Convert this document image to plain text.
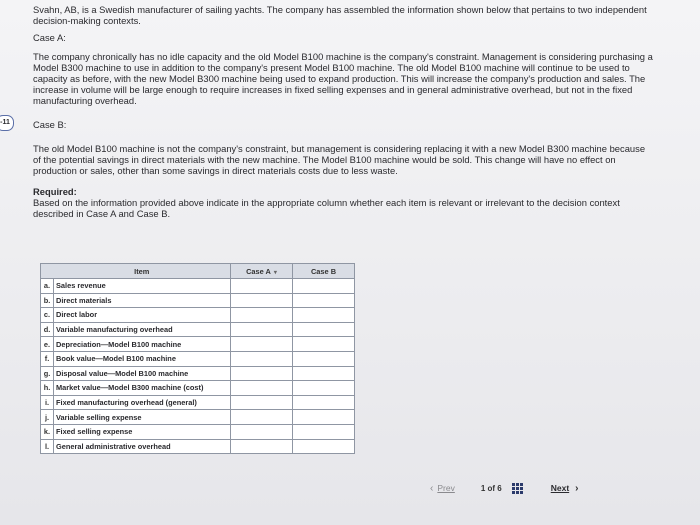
-11

Svahn, AB, is a Swedish manufacturer of sailing yachts. The company has assembled the information shown below that pertains to two independent decision-making contexts.

Case A:

The company chronically has no idle capacity and the old Model B100 machine is the company's constraint. Management is considering purchasing a Model B300 machine to use in addition to the company's present Model B100 machine. The old Model B100 machine will continue to be used to capacity as before, with the new Model B300 machine being used to expand production. This will increase the company's production and sales. The increase in volume will be large enough to require increases in fixed selling expenses and in general administrative overhead, but not in the fixed manufacturing overhead.

Case B:

The old Model B100 machine is not the company's constraint, but management is considering replacing it with a new Model B300 machine because of the potential savings in direct materials with the new machine. The Model B100 machine would be sold. This change will have no effect on production or sales, other than some savings in direct materials costs due to less waste.

Required:

Based on the information provided above indicate in the appropriate column whether each item is relevant or irrelevant to the decision context described in Case A and Case B.

	Item	Case A ▾	Case B
a.	Sales revenue		
b.	Direct materials		
c.	Direct labor		
d.	Variable manufacturing overhead		
e.	Depreciation—Model B100 machine		
f.	Book value—Model B100 machine		
g.	Disposal value—Model B100 machine		
h.	Market value—Model B300 machine (cost)		
i.	Fixed manufacturing overhead (general)		
j.	Variable selling expense		
k.	Fixed selling expense		
l.	General administrative overhead		
‹ Prev	1 of 6	Next ›
